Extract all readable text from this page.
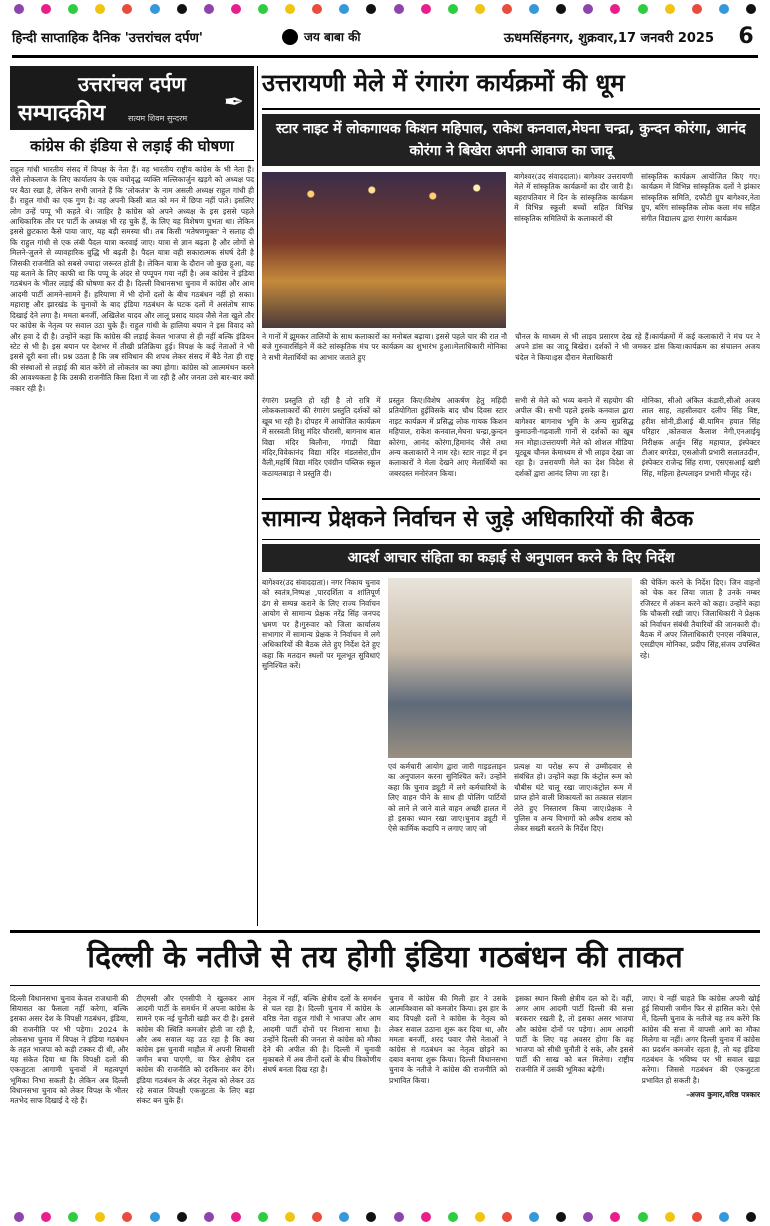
हिन्दी साप्ताहिक दैनिक 'उत्तरांचल दर्पण'	जय बाबा की	ऊधमसिंहनगर, शुक्रवार,17 जनवरी 2025	6
उत्तरांचल दर्पण
सम्पादकीय	सत्यम शिवम सुन्दरम
✒
कांग्रेस की इंडिया से लड़ाई की घोषणा
राहुल गांधी भारतीय संसद में विपक्ष के नेता हैं। वह भारतीय राष्ट्रीय कांग्रेस के भी नेता हैं। जैसे लोकलाज के लिए कार्यालय के एक वयोवृद्ध व्यक्ति मल्लिकार्जुन खड़गे को अध्यक्ष पद पर बैठा रखा है, लेकिन सभी जानते हैं कि ‘लोकतंत्र’ के नाम असली अध्यक्ष राहुल गांधी ही हैं। राहुल गांधी का एक गुण है। वह अपनी किसी बात को मन में छिपा नहीं पाते। इसलिए लोग उन्हें पप्पू भी कहते थे। जाहिर है कांग्रेस को अपने अध्यक्ष के इस इससे पहले आधिकारिक तौर पर पार्टी के अध्यक्ष भी रह चुके हैं, के लिए यह विशेषण चुभता था। लेकिन इससे छुटकारा कैसे पाया जाए, यह बड़ी समस्या थी। तब किसी 'मतेषणमुक्त' ने सलाह दी कि राहुल गांधी से एक लंबी पैदल यात्रा करवाई जाए। यात्रा से ज्ञान बढ़ता है और लोगों से मिलने-जुलने से व्यावहारिक बुद्धि भी बढ़ती है। पैदल यात्रा वही सकारात्मक संघर्ष देती है जिसकी राजनीति को सबसे ज्यादा जरूरत होती है। लेकिन यात्रा के दौरान जो कुछ हुआ, वह यह बताने के लिए काफी था कि पप्पू के अंदर से पप्पूपन गया नहीं है। अब कांग्रेस ने इंडिया गठबंधन के भीतर लड़ाई की घोषणा कर दी है। दिल्ली विधानसभा चुनाव में कांग्रेस और आम आदमी पार्टी आमने-सामने हैं। हरियाणा में भी दोनों दलों के बीच गठबंधन नहीं हो सका। महाराष्ट्र और झारखंड के चुनावों के बाद इंडिया गठबंधन के घटक दलों में असंतोष साफ दिखाई देने लगा है। ममता बनर्जी, अखिलेश यादव और लालू प्रसाद यादव जैसे नेता खुले तौर पर कांग्रेस के नेतृत्व पर सवाल उठा चुके हैं। राहुल गांधी के हालिया बयान ने इस विवाद को और हवा दे दी है। उन्होंने कहा कि कांग्रेस की लड़ाई केवल भाजपा से ही नहीं बल्कि इंडियन स्टेट से भी है। इस बयान पर देशभर में तीखी प्रतिक्रिया हुई। विपक्ष के कई नेताओं ने भी इससे दूरी बना ली। प्रश्न उठता है कि जब संविधान की शपथ लेकर संसद में बैठे नेता ही राष्ट्र की संस्थाओं से लड़ाई की बात करेंगे तो लोकतंत्र का क्या होगा। कांग्रेस को आत्ममंथन करने की आवश्यकता है कि उसकी राजनीति किस दिशा में जा रही है और जनता उसे बार-बार क्यों नकार रही है।
उत्तरायणी मेले में रंगारंग कार्यक्रमों की धूम
स्टार नाइट में लोकगायक किशन महिपाल, राकेश कनवाल,मेघना चन्द्रा, कुन्दन कोरंगा, आनंद कोरंगा ने बिखेरा अपनी आवाज का जादू
बागेश्वर(उद संवाददाता)। बागेश्वर उत्तरायणी मेले में सांस्कृतिक कार्यक्रमों का दौर जारी है। बहरापतिवार में दिन के सांस्कृतिक कार्यक्रम में विभिन्न स्कूली बच्चों सहित विभिन्न सांस्कृतिक समितियों के कलाकारों की
सांस्कृतिक कार्यक्रम आयोजित किए गए।कार्यक्रम में विभिन्न सांस्कृतिक दलों ने झंकार सांस्कृतिक समिति, दफौटी ग्रुप बागेश्वर,नेता ग्रुप, बरिंग सांस्कृतिक लोक कला मंच सहित संगीत विद्यालय द्वारा रंगारंग कार्यक्रम
ने गानों में झूमकर तालियों के साथ कलाकारों का मनोबल बढ़ाया। इससे पहले चार की रात नौ बजे गुरुवारसिंहने में कंटे सांस्कृतिक मंच पर कार्यक्रम का शुभारंभ हुआ।मेलाधिकारी मोनिका ने सभी मेलार्थियों का आभार जताते हुए
चौनल के माध्यम से भी लाइव प्रसारण देख रहे हैं।कार्यक्रमों में कई कलाकारों ने मंच पर ने अपने डांस का जादू बिखेरा। दर्शकों ने भी जमकर डांस किया।कार्यक्रम का संचालन अजय चंदेल ने किया।इस दौरान मेलाधिकारी
रंगारंग प्रस्तुति हो रही है तो रात्रि में लोककलाकारों की रंगारंग प्रस्तुति दर्शकों को खूब भा रही है। दोपहर में आयोजित कार्यक्रम में सरस्वती शिशु मंदिर चौरासी, बागनाथ बाल विद्या मंदिर बिलौना, गंगाद्री विद्या मंदिर,विवेकानंद विद्या मंदिर मंडलसेरा,ग्रीन वैली,महर्षि विद्या मंदिर एवंग्रीन पब्लिक स्कूल कठायतबाड़ा ने प्रस्तुति दी।
प्रस्तुत किए।विशेष आकर्षण हेतु महिदी प्रतियोगिता हुईविसके बाद चौथ दिवस स्टार नाइट कार्यक्रम में प्रसिद्ध लोक गायक किशन महिपाल, राकेश कनवाल,मेघना चन्द्रा,कुन्दन कोरंगा, आनंद कोरंगा,हिमानंद जैसे तथा अन्य कलाकारों ने नाम रहे। स्टार नाइट में इन कलाकारों ने मेला देखने आए मेलार्थियों का जबरदस्त मनोरंजन किया।
सभी से मेले को भव्य बनाने में सहयोग की अपील की। सभी पहले इसके कनवाल द्वारा बागेश्वर बागनाथ भूमि के अन्य सुप्रसिद्ध कुमाउनी-गढ़वाली गानों से दर्शकों का खूब मन मोहा।उत्तरायणी मेले को शोशल मीडिया यूट्यूब चौनल केमाध्यम से भी लाइव देखा जा रहा है। उत्तरायणी मेले का देश विदेश से दर्शकों द्वारा आनंद लिया जा रहा है।
मोनिका, सीओ अंकित कंडारी,सीओ अजय लाल साह, तहसीलदार दलीप सिंह बिष्ट, हरीश सोनी,डीआई बी.यामिन हयात सिंह परिहार ,कोतवाल कैलाश नेगी,एनआईयू निरीक्षक अर्जुन सिंह महायात, इंस्पेक्टर टीआर बगरेडा, एसओजी प्रभारी सलातउदीन, इंस्पेक्टर राजेन्द्र सिंह राणा, एसएसआई खष्टी सिंह, महिला हेल्पलाइन प्रभारी मौजूद रहे।
सामान्य प्रेक्षकने निर्वाचन से जुड़े अधिकारियों की बैठक
आदर्श आचार संहिता का कड़ाई से अनुपालन करने के दिए निर्देश
बागेश्वर(उद संवाददाता)। नगर निकाय चुनाव को स्वतंत्र,निष्पक्ष ,पारदर्शिता व शांतिपूर्ण ढंग से सम्पन्न कराने के लिए राज्य निर्वाचन आयोग से सामान्य प्रेक्षक नरेंद्र सिंह जनपद भ्रमण पर है।गुरुवार को जिला कार्यालय सभागार में सामान्य प्रेक्षक ने निर्वाचन में लगे अधिकारियों की बैठक लेते हुए निर्देश देते हुए कहा कि मतदान स्थलों पर मूलभूत सुविधाएं सुनिश्चित करें।
एवं कर्मचारी आयोग द्वारा जारी गाइडलाइन का अनुपालन करना सुनिश्चित करें। उन्होंने कहा कि चुनाव ड्यूटी में लगे कर्मचारियों के लिए वाहन पीने के साथ ही पोलिंग पार्टियों को लाने ले जाने वाले वाहन अच्छी हालत में हो इसका ध्यान रखा जाए।चुनाव ड्यूटी में ऐसे कार्मिक कदापि न लगाए जाए जो
प्रत्यक्ष या परोक्ष रूप से उम्मीदवार से संबंधित हो। उन्होंने कहा कि कंट्रोल रूम को चौबीस घंटे चालू रखा जाए।कंट्रोल रूम में प्राप्त होने वाली शिकायतों का तत्काल संज्ञान लेते हुए निस्तारण किया जाए।प्रेक्षक ने पुलिस व अन्य विभागों को अवैध शराब को लेकर सख्ती बरतने के निर्देश दिए।
की चेकिंग करने के निर्देश दिए। जिन वाहनों को चेक कर लिया जाता है उनके नम्बर रजिस्टर में अंकन करने को कहा। उन्होंने कहा कि चौकसी रखी जाए। जिलाधिकारी ने प्रेक्षक को निर्वाचन संबंधी तैयारियों की जानकारी दी। बैठक में अपर जिलाधिकारी एनएस नबियाल, एसडीएम मोनिका, प्रदीप सिंह,संजय उपस्थित रहे।
दिल्ली के नतीजे से तय होगी इंडिया गठबंधन की ताकत
दिल्ली विधानसभा चुनाव केवल राजधानी की सियासत का फैसला नहीं करेगा, बल्कि इसका असर देश के विपक्षी गठबंधन, इंडिया, की राजनीति पर भी पड़ेगा। 2024 के लोकसभा चुनाव में विपक्ष ने इंडिया गठबंधन के तहत भाजपा को कड़ी टक्कर दी थी, और यह संकेत दिया था कि विपक्षी दलों की एकजुटता आगामी चुनावों में महत्वपूर्ण भूमिका निभा सकती है। लेकिन अब दिल्ली विधानसभा चुनाव को लेकर विपक्ष के भीतर मतभेद साफ दिखाई दे रहे हैं।
टीएमसी और एनसीपी ने खुलकर आम आदमी पार्टी के समर्थन में अपना कांग्रेस के सामने एक नई चुनौती खड़ी कर दी है। इससे कांग्रेस की स्थिति कमजोर होती जा रही है, और अब सवाल यह उठ रहा है कि क्या कांग्रेस इस चुनावी माहौल में अपनी सियासी जमीन बचा पाएगी, या फिर क्षेत्रीय दल कांग्रेस की राजनीति को दरकिनार कर देंगे। इंडिया गठबंधन के अंदर नेतृत्व को लेकर उठ रहे सवाल विपक्षी एकजुटता के लिए बड़ा संकट बन चुके हैं।
नेतृत्व में नहीं, बल्कि क्षेत्रीय दलों के समर्थन से चल रहा है। दिल्ली चुनाव में कांग्रेस के वरिष्ठ नेता राहुल गांधी ने भाजपा और आम आदमी पार्टी दोनों पर निशाना साधा है। उन्होंने दिल्ली की जनता से कांग्रेस को मौका देने की अपील की है। दिल्ली में चुनावी मुकाबले में अब तीनों दलों के बीच त्रिकोणीय संघर्ष बनता दिख रहा है।
चुनाव में कांग्रेस की मिली हार ने उसके आत्मविश्वास को कमजोर किया। इस हार के बाद विपक्षी दलों ने कांग्रेस के नेतृत्व को लेकर सवाल उठाना शुरू कर दिया था, और ममता बनर्जी, शरद पवार जैसे नेताओं ने कांग्रेस से गठबंधन का नेतृत्व छोड़ने का दबाव बनाया शुरू किया। दिल्ली विधानसभा चुनाव के नतीजे ने कांग्रेस की राजनीति को प्रभावित किया।
इसका स्थान किसी क्षेत्रीय दल को दें। वहीं, अगर आम आदमी पार्टी दिल्ली की सत्ता बरकरार रखती है, तो इसका असर भाजपा और कांग्रेस दोनों पर पड़ेगा। आम आदमी पार्टी के लिए यह अवसर होगा कि वह भाजपा को सीधी चुनौती दे सके, और इससे पार्टी की साख को बल मिलेगा। राष्ट्रीय राजनीति में उसकी भूमिका बढ़ेगी।
जाए। ये नहीं चाहते कि कांग्रेस अपनी खोई हुई सियासी जमीन फिर से हासिल करे। ऐसे में, दिल्ली चुनाव के नतीजे यह तय करेंगे कि कांग्रेस की सत्ता में वापसी आगे का मौका मिलेगा या नहीं। अगर दिल्ली चुनाव में कांग्रेस का प्रदर्शन कमजोर रहता है, तो यह इंडिया गठबंधन के भविष्य पर भी सवाल खड़ा करेगा। जिससे गठबंधन की एकजुटता प्रभावित हो सकती है।
-अजय कुमार,वरिष्ठ पत्रकार
